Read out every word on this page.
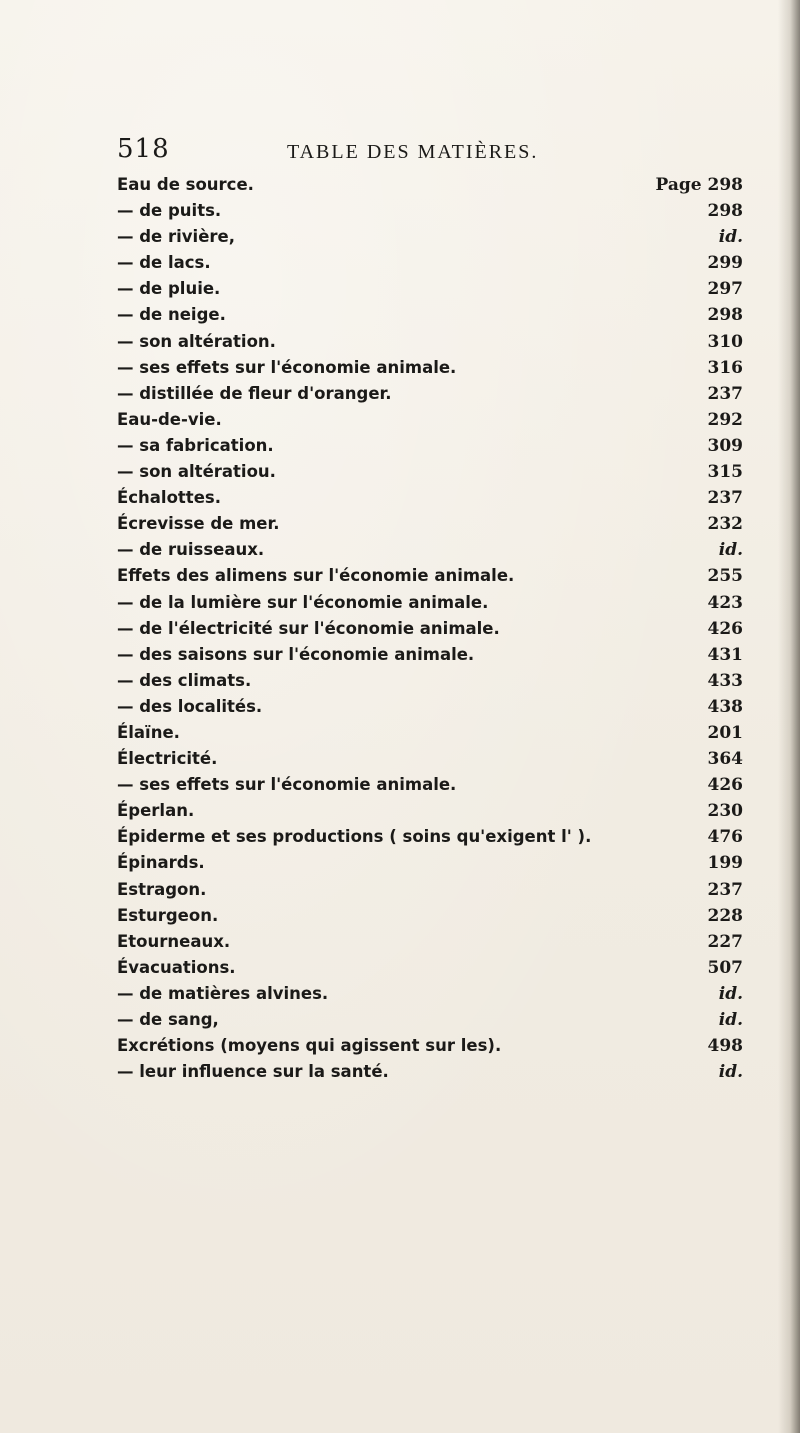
518	TABLE DES MATIÈRES.
Eau de source.	Page 298
— de puits.	298
— de rivière,	id.
— de lacs.	299
— de pluie.	297
— de neige.	298
— son altération.	310
— ses effets sur l'économie animale.	316
— distillée de fleur d'oranger.	237
Eau-de-vie.	292
— sa fabrication.	309
— son altératiou.	315
Échalottes.	237
Écrevisse de mer.	232
— de ruisseaux.	id.
Effets des alimens sur l'économie animale.	255
— de la lumière sur l'économie animale.	423
— de l'électricité sur l'économie animale.	426
— des saisons sur l'économie animale.	431
— des climats.	433
— des localités.	438
Élaïne.	201
Électricité.	364
— ses effets sur l'économie animale.	426
Éperlan.	230
Épiderme et ses productions ( soins qu'exigent l' ).	476
Épinards.	199
Estragon.	237
Esturgeon.	228
Etourneaux.	227
Évacuations.	507
— de matières alvines.	id.
— de sang,	id.
Excrétions (moyens qui agissent sur les).	498
— leur influence sur la santé.	id.
